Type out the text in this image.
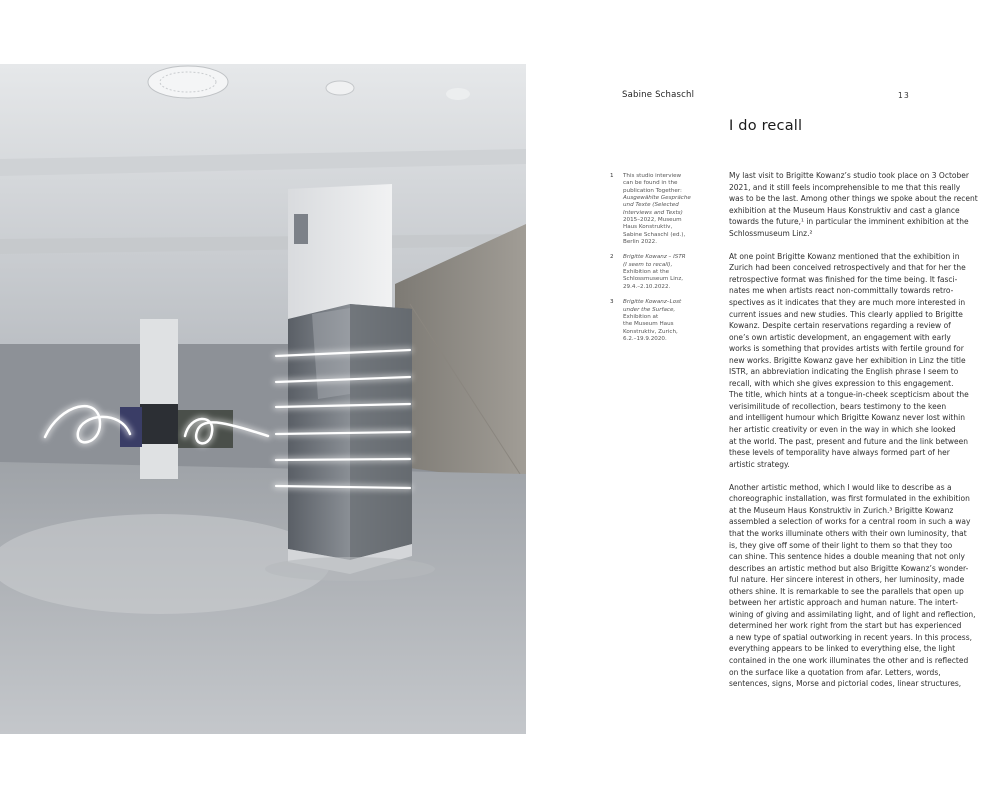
Sabine Schaschl	13
I do recall
1 This studio interview
can be found in the
publication Together:
Ausgewählte Gespräche
und Texte (Selected
Interviews and Texts)
2015–2022, Museum
Haus Konstruktiv,
Sabine Schaschl (ed.),
Berlin 2022.
2 Brigitte Kowanz – ISTR
(I seem to recall),
Exhibition at the
Schlossmuseum Linz,
29.4.–2.10.2022.
3 Brigitte Kowanz–Lost
under the Surface,
Exhibition at
the Museum Haus
Konstruktiv, Zurich,
6.2.–19.9.2020.

My last visit to Brigitte Kowanz’s studio took place on 3 October
2021, and it still feels incomprehensible to me that this really
was to be the last. Among other things we spoke about the recent
exhibition at the Museum Haus Konstruktiv and cast a glance
towards the future,¹ in particular the imminent exhibition at the
Schlossmuseum Linz.²

At one point Brigitte Kowanz mentioned that the exhibition in
Zurich had been conceived retrospectively and that for her the
retrospective format was finished for the time being. It fasci-
nates me when artists react non-committally towards retro-
spectives as it indicates that they are much more interested in
current issues and new studies. This clearly applied to Brigitte
Kowanz. Despite certain reservations regarding a review of
one’s own artistic development, an engagement with early
works is something that provides artists with fertile ground for
new works. Brigitte Kowanz gave her exhibition in Linz the title
ISTR, an abbreviation indicating the English phrase I seem to
recall, with which she gives expression to this engagement.
The title, which hints at a tongue-in-cheek scepticism about the
verisimilitude of recollection, bears testimony to the keen
and intelligent humour which Brigitte Kowanz never lost within
her artistic creativity or even in the way in which she looked
at the world. The past, present and future and the link between
these levels of temporality have always formed part of her
artistic strategy.

Another artistic method, which I would like to describe as a
choreographic installation, was first formulated in the exhibition
at the Museum Haus Konstruktiv in Zurich.³ Brigitte Kowanz
assembled a selection of works for a central room in such a way
that the works illuminate others with their own luminosity, that
is, they give off some of their light to them so that they too
can shine. This sentence hides a double meaning that not only
describes an artistic method but also Brigitte Kowanz’s wonder-
ful nature. Her sincere interest in others, her luminosity, made
others shine. It is remarkable to see the parallels that open up
between her artistic approach and human nature. The intert-
wining of giving and assimilating light, and of light and reflection,
determined her work right from the start but has experienced
a new type of spatial outworking in recent years. In this process,
everything appears to be linked to everything else, the light
contained in the one work illuminates the other and is reflected
on the surface like a quotation from afar. Letters, words,
sentences, signs, Morse and pictorial codes, linear structures,
